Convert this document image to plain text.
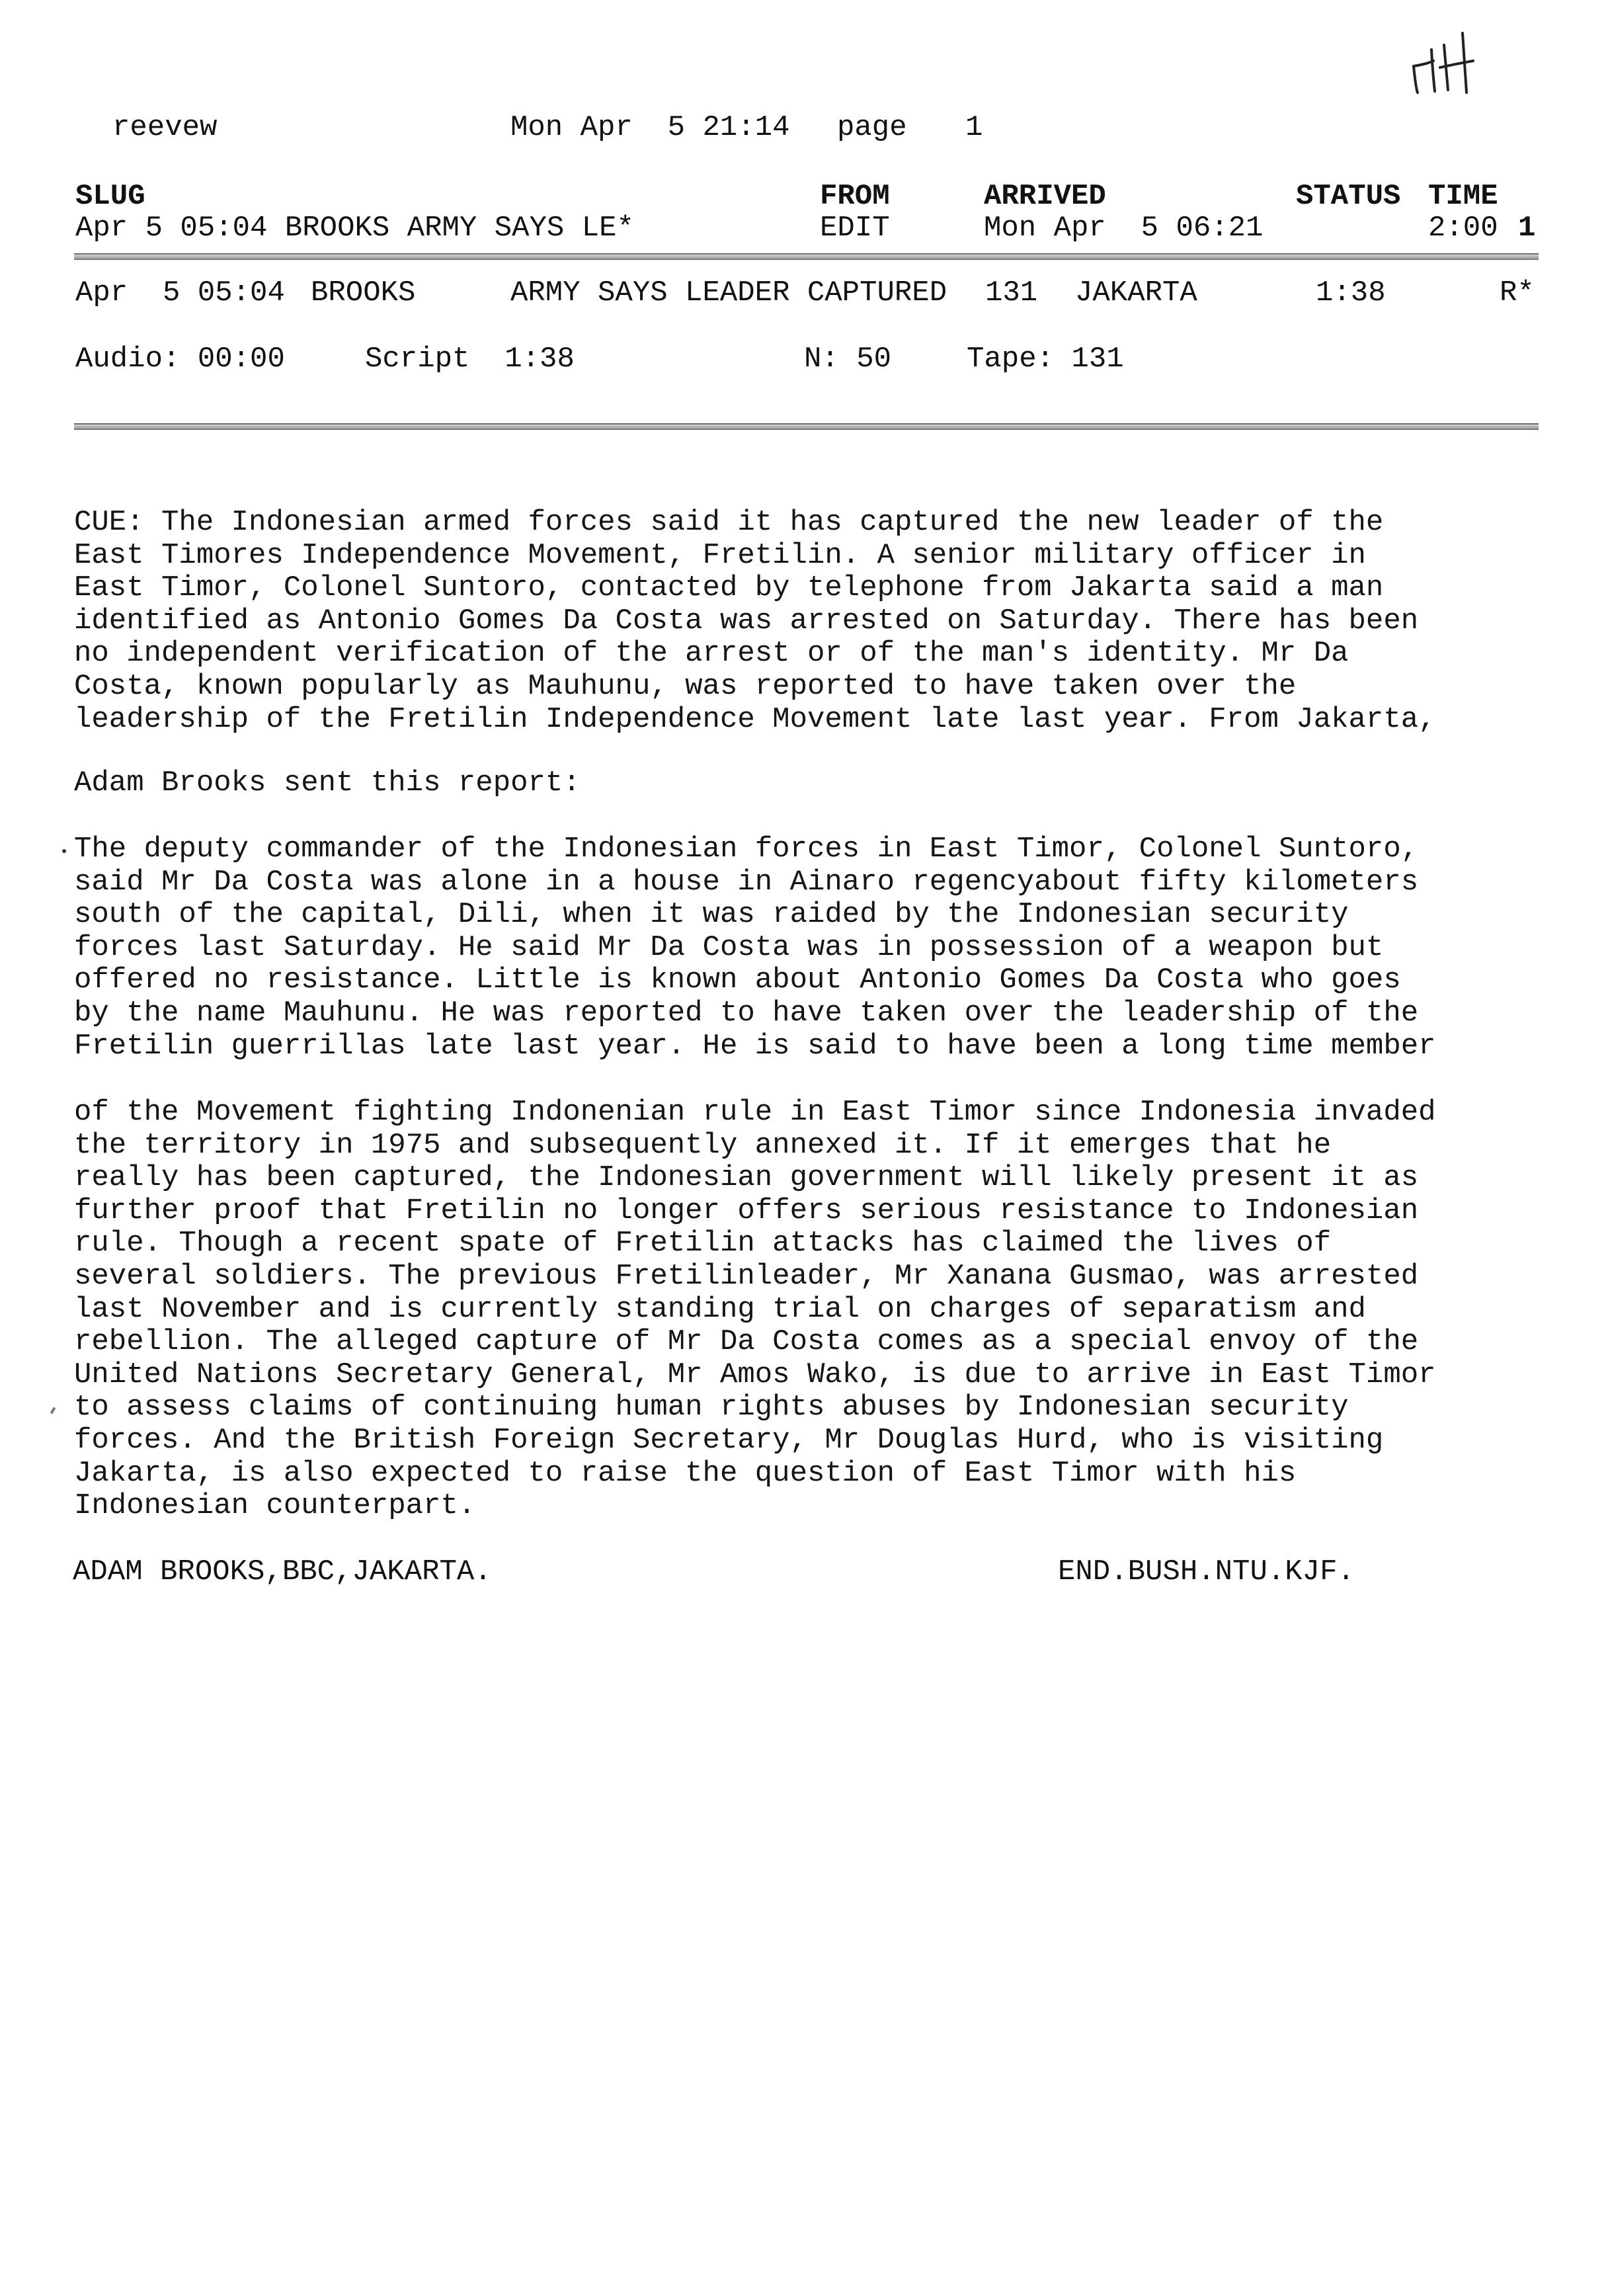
reevew	Mon Apr  5 21:14 page 1
SLUG	FROM	ARRIVED	STATUS TIME
Apr 5 05:04 BROOKS ARMY SAYS LE*	EDIT	Mon Apr  5 06:21	2:00 1
Apr  5 05:04 BROOKS	ARMY SAYS LEADER CAPTURED 131 JAKARTA	1:38	R*
Audio: 00:00	Script  1:38	N: 50	Tape: 131
CUE: The Indonesian armed forces said it has captured the new leader of the
East Timores Independence Movement, Fretilin. A senior military officer in
East Timor, Colonel Suntoro, contacted by telephone from Jakarta said a man
identified as Antonio Gomes Da Costa was arrested on Saturday. There has been
no independent verification of the arrest or of the man's identity. Mr Da
Costa, known popularly as Mauhunu, was reported to have taken over the
leadership of the Fretilin Independence Movement late last year. From Jakarta,
Adam Brooks sent this report:
The deputy commander of the Indonesian forces in East Timor, Colonel Suntoro,
said Mr Da Costa was alone in a house in Ainaro regencyabout fifty kilometers
south of the capital, Dili, when it was raided by the Indonesian security
forces last Saturday. He said Mr Da Costa was in possession of a weapon but
offered no resistance. Little is known about Antonio Gomes Da Costa who goes
by the name Mauhunu. He was reported to have taken over the leadership of the
Fretilin guerrillas late last year. He is said to have been a long time member
of the Movement fighting Indonenian rule in East Timor since Indonesia invaded
the territory in 1975 and subsequently annexed it. If it emerges that he
really has been captured, the Indonesian government will likely present it as
further proof that Fretilin no longer offers serious resistance to Indonesian
rule. Though a recent spate of Fretilin attacks has claimed the lives of
several soldiers. The previous Fretilinleader, Mr Xanana Gusmao, was arrested
last November and is currently standing trial on charges of separatism and
rebellion. The alleged capture of Mr Da Costa comes as a special envoy of the
United Nations Secretary General, Mr Amos Wako, is due to arrive in East Timor
to assess claims of continuing human rights abuses by Indonesian security
forces. And the British Foreign Secretary, Mr Douglas Hurd, who is visiting
Jakarta, is also expected to raise the question of East Timor with his
Indonesian counterpart.
ADAM BROOKS,BBC,JAKARTA.	END.BUSH.NTU.KJF.
